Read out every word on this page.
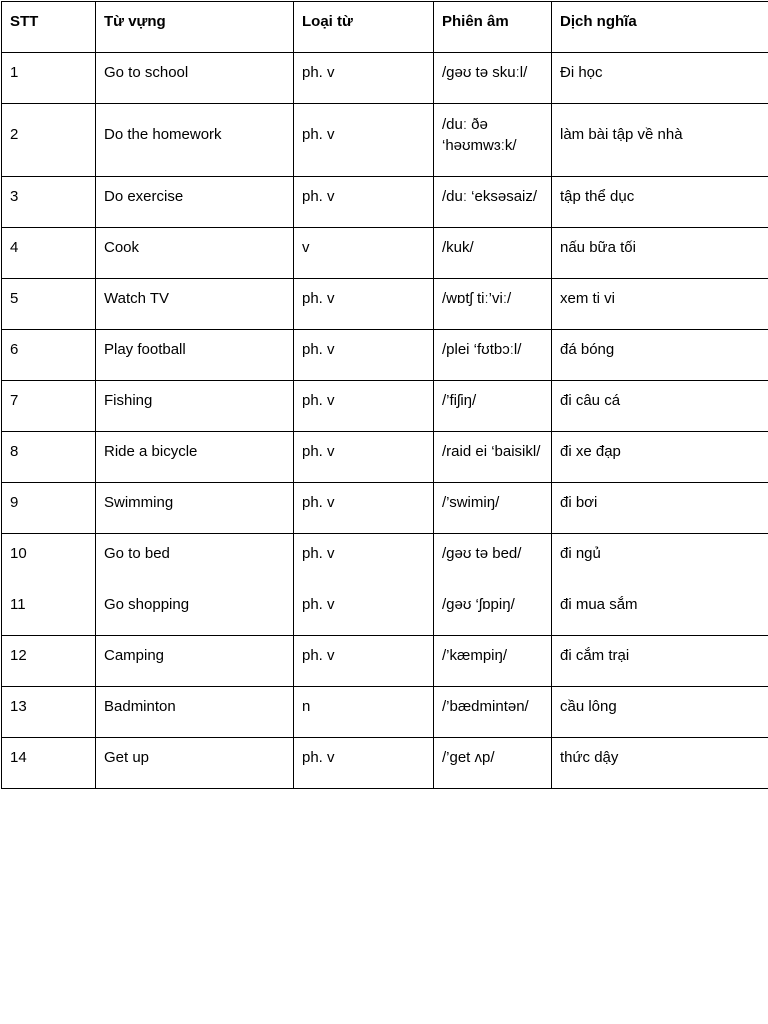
STT	Từ vựng	Loại từ	Phiên âm	Dịch nghĩa
1	Go to school	ph. v	/gəʊ tə skuːl/	Đi học
2	Do the homework	ph. v	/duː ðə ‘həʊmwɜːk/	làm bài tập về nhà
3	Do exercise	ph. v	/duː ‘eksəsaiz/	tập thể dục
4	Cook	v	/kuk/	nấu bữa tối
5	Watch TV	ph. v	/wɒtʃ tiː’viː/	xem ti vi
6	Play football	ph. v	/plei ‘fʊtbɔːl/	đá bóng
7	Fishing	ph. v	/’fiʃiŋ/	đi câu cá
8	Ride a bicycle	ph. v	/raid ei ‘baisikl/	đi xe đạp
9	Swimming	ph. v	/’swimiŋ/	đi bơi
10	Go to bed	ph. v	/gəʊ tə bed/	đi ngủ
11	Go shopping	ph. v	/gəʊ ‘ʃɒpiŋ/	đi mua sắm
12	Camping	ph. v	/’kæmpiŋ/	đi cắm trại
13	Badminton	n	/’bædmintən/	cầu lông
14	Get up	ph. v	/’get ʌp/	thức dậy
